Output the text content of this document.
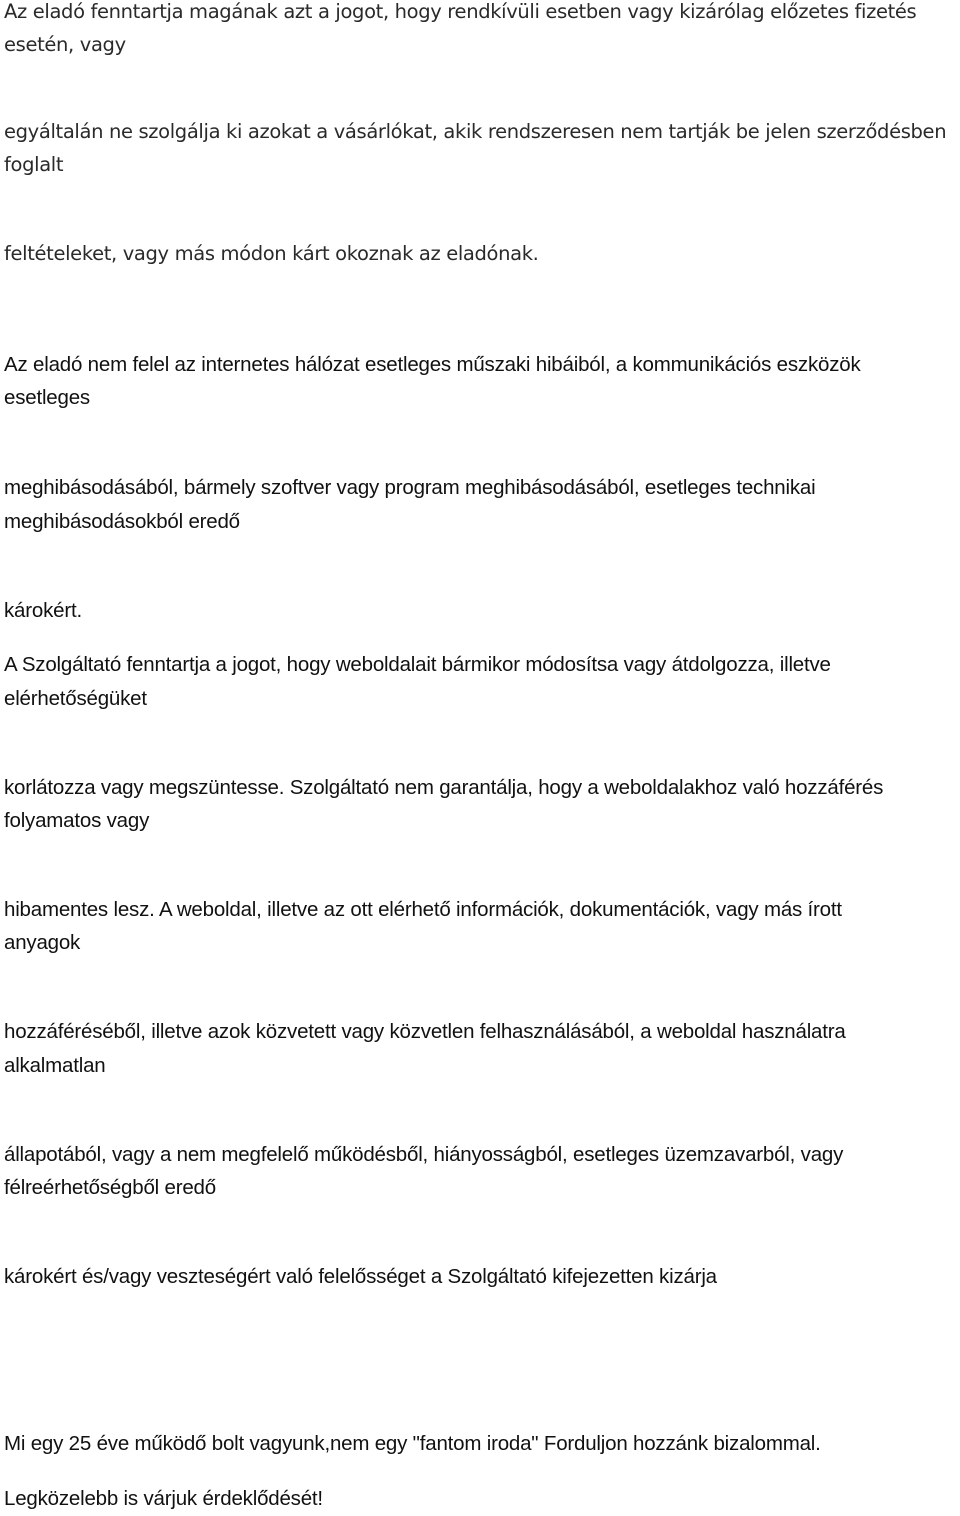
Az eladó fenntartja magának azt a jogot, hogy rendkívüli esetben vagy kizárólag előzetes fizetés
esetén, vagy
egyáltalán ne szolgálja ki azokat a vásárlókat, akik rendszeresen nem tartják be jelen szerződésben
foglalt
feltételeket, vagy más módon kárt okoznak az eladónak.
Az eladó nem felel az internetes hálózat esetleges műszaki hibáiból, a kommunikációs eszközök
esetleges
meghibásodásából, bármely szoftver vagy program meghibásodásából, esetleges technikai
meghibásodásokból eredő
károkért.
A Szolgáltató fenntartja a jogot, hogy weboldalait bármikor módosítsa vagy átdolgozza, illetve
elérhetőségüket
korlátozza vagy megszüntesse. Szolgáltató nem garantálja, hogy a weboldalakhoz való hozzáférés
folyamatos vagy
hibamentes lesz. A weboldal, illetve az ott elérhető információk, dokumentációk, vagy más írott
anyagok
hozzáféréséből, illetve azok közvetett vagy közvetlen felhasználásából, a weboldal használatra
alkalmatlan
állapotából, vagy a nem megfelelő működésből, hiányosságból, esetleges üzemzavarból, vagy
félreérhetőségből eredő
károkért és/vagy veszteségért való felelősséget a Szolgáltató kifejezetten kizárja
Mi egy 25 éve működő bolt vagyunk,nem egy "fantom iroda" Forduljon hozzánk bizalommal.
Legközelebb is várjuk érdeklődését!
